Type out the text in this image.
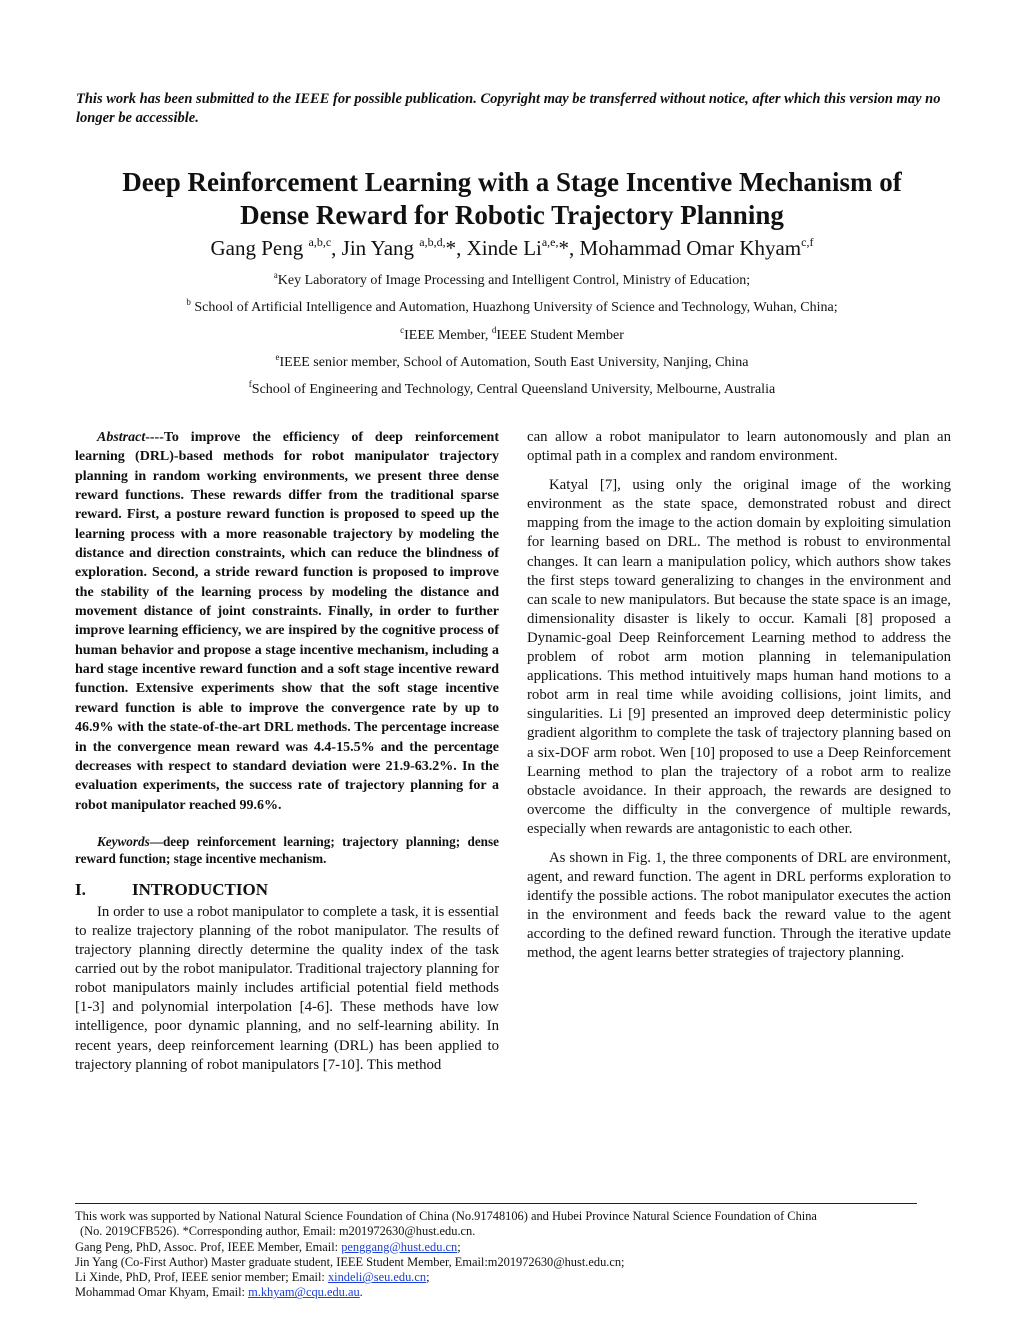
This work has been submitted to the IEEE for possible publication. Copyright may be transferred without notice, after which this version may no longer be accessible.
Deep Reinforcement Learning with a Stage Incentive Mechanism of
Dense Reward for Robotic Trajectory Planning
Gang Peng $^{a,b,c}$, Jin Yang $^{a,b,d,}$*, Xinde $Li^{a,e,}*$, Mohammad Omar Khyam$^{c,f}$
$^a$Key Laboratory of Image Processing and Intelligent Control, Ministry of Education;
$^b$ School of Artificial Intelligence and Automation, Huazhong University of Science and Technology, Wuhan, China;
$^c$IEEE Member, $^d$IEEE Student Member
$^e$IEEE senior member, School of Automation, South East University, Nanjing, China
$^f$School of Engineering and Technology, Central Queensland University, Melbourne, Australia

Abstract----To improve the efficiency of deep reinforcement learning (DRL)-based methods for robot manipulator trajectory planning in random working environments, we present three dense reward functions. These rewards differ from the traditional sparse reward. First, a posture reward function is proposed to speed up the learning process with a more reasonable trajectory by modeling the distance and direction constraints, which can reduce the blindness of exploration. Second, a stride reward function is proposed to improve the stability of the learning process by modeling the distance and movement distance of joint constraints. Finally, in order to further improve learning efficiency, we are inspired by the cognitive process of human behavior and propose a stage incentive mechanism, including a hard stage incentive reward function and a soft stage incentive reward function. Extensive experiments show that the soft stage incentive reward function is able to improve the convergence rate by up to 46.9% with the state-of-the-art DRL methods. The percentage increase in the convergence mean reward was 4.4-15.5% and the percentage decreases with respect to standard deviation were 21.9-63.2%. In the evaluation experiments, the success rate of trajectory planning for a robot manipulator reached 99.6%.

Keywords—deep reinforcement learning; trajectory planning; dense reward function; stage incentive mechanism.

I.	INTRODUCTION

In order to use a robot manipulator to complete a task, it is essential to realize trajectory planning of the robot manipulator. The results of trajectory planning directly determine the quality index of the task carried out by the robot manipulator. Traditional trajectory planning for robot manipulators mainly includes artificial potential field methods [1-3] and polynomial interpolation [4-6]. These methods have low intelligence, poor dynamic planning, and no self-learning ability. In recent years, deep reinforcement learning (DRL) has been applied to trajectory planning of robot manipulators [7-10]. This method

can allow a robot manipulator to learn autonomously and plan an optimal path in a complex and random environment.

Katyal [7], using only the original image of the working environment as the state space, demonstrated robust and direct mapping from the image to the action domain by exploiting simulation for learning based on DRL. The method is robust to environmental changes. It can learn a manipulation policy, which authors show takes the first steps toward generalizing to changes in the environment and can scale to new manipulators. But because the state space is an image, dimensionality disaster is likely to occur. Kamali [8] proposed a Dynamic-goal Deep Reinforcement Learning method to address the problem of robot arm motion planning in telemanipulation applications. This method intuitively maps human hand motions to a robot arm in real time while avoiding collisions, joint limits, and singularities. Li [9] presented an improved deep deterministic policy gradient algorithm to complete the task of trajectory planning based on a six-DOF arm robot. Wen [10] proposed to use a Deep Reinforcement Learning method to plan the trajectory of a robot arm to realize obstacle avoidance. In their approach, the rewards are designed to overcome the difficulty in the convergence of multiple rewards, especially when rewards are antagonistic to each other.

As shown in Fig. 1, the three components of DRL are environment, agent, and reward function. The agent in DRL performs exploration to identify the possible actions. The robot manipulator executes the action in the environment and feeds back the reward value to the agent according to the defined reward function. Through the iterative update method, the agent learns better strategies of trajectory planning.

This work was supported by National Natural Science Foundation of China (No.91748106) and Hubei Province Natural Science Foundation of China
(No. 2019CFB526). *Corresponding author, Email: m201972630@hust.edu.cn.
Gang Peng, PhD, Assoc. Prof, IEEE Member, Email: penggang@hust.edu.cn;
Jin Yang (Co-First Author) Master graduate student, IEEE Student Member, Email:m201972630@hust.edu.cn;
Li Xinde, PhD, Prof, IEEE senior member; Email: xindeli@seu.edu.cn;
Mohammad Omar Khyam, Email: m.khyam@cqu.edu.au.
